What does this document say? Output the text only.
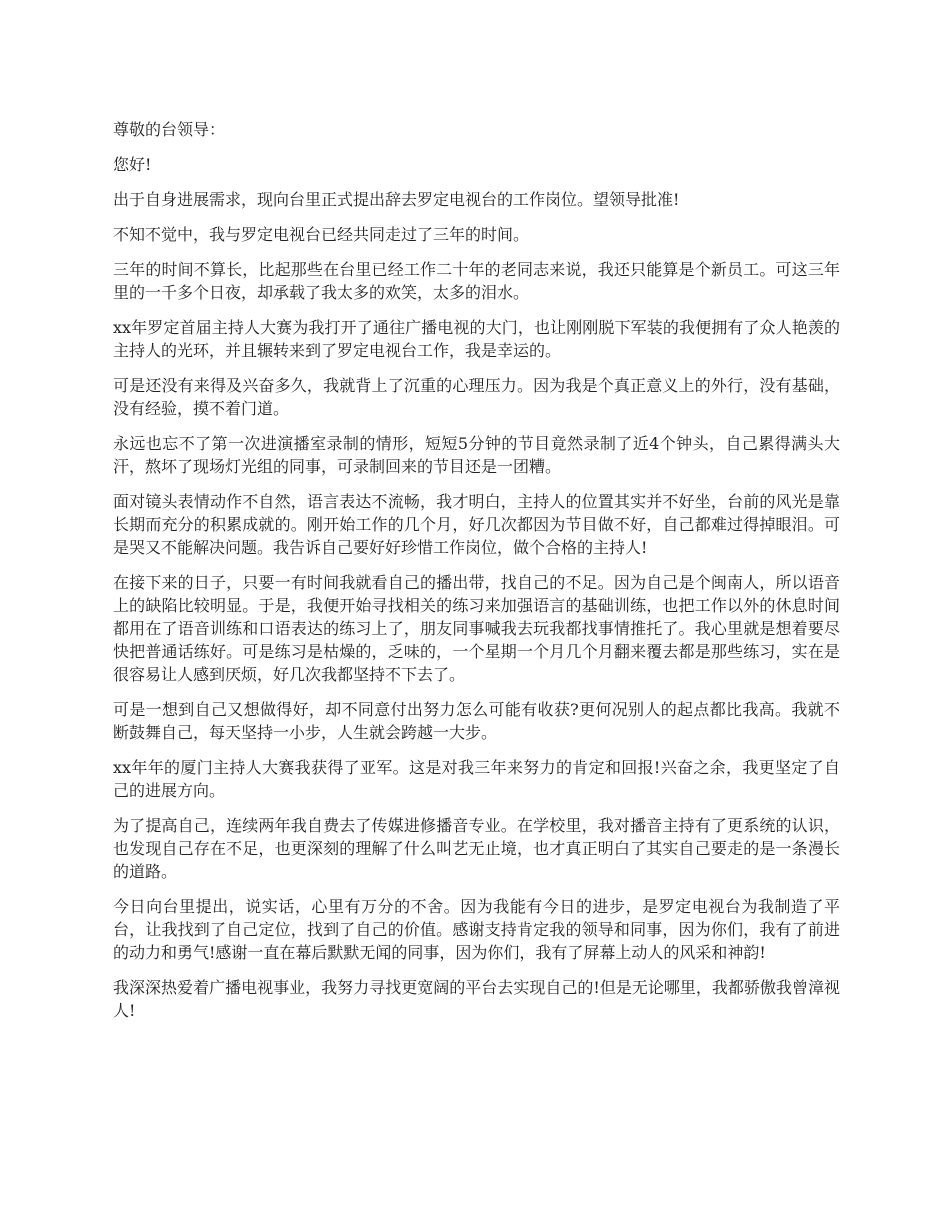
尊敬的台领导：

您好!

出于自身进展需求，现向台里正式提出辞去罗定电视台的工作岗位。望领导批准!

不知不觉中，我与罗定电视台已经共同走过了三年的时间。

三年的时间不算长，比起那些在台里已经工作二十年的老同志来说，我还只能算是个新员工。可这三年里的一千多个日夜，却承载了我太多的欢笑，太多的泪水。

xx年罗定首届主持人大赛为我打开了通往广播电视的大门，也让刚刚脱下军装的我便拥有了众人艳羡的主持人的光环，并且辗转来到了罗定电视台工作，我是幸运的。

可是还没有来得及兴奋多久，我就背上了沉重的心理压力。因为我是个真正意义上的外行，没有基础，没有经验，摸不着门道。

永远也忘不了第一次进演播室录制的情形，短短5分钟的节目竟然录制了近4个钟头，自己累得满头大汗，熬坏了现场灯光组的同事，可录制回来的节目还是一团糟。

面对镜头表情动作不自然，语言表达不流畅，我才明白，主持人的位置其实并不好坐，台前的风光是靠长期而充分的积累成就的。刚开始工作的几个月，好几次都因为节目做不好，自己都难过得掉眼泪。可是哭又不能解决问题。我告诉自己要好好珍惜工作岗位，做个合格的主持人!

在接下来的日子，只要一有时间我就看自己的播出带，找自己的不足。因为自己是个闽南人，所以语音上的缺陷比较明显。于是，我便开始寻找相关的练习来加强语言的基础训练，也把工作以外的休息时间都用在了语音训练和口语表达的练习上了，朋友同事喊我去玩我都找事情推托了。我心里就是想着要尽快把普通话练好。可是练习是枯燥的，乏味的，一个星期一个月几个月翻来覆去都是那些练习，实在是很容易让人感到厌烦，好几次我都坚持不下去了。

可是一想到自己又想做得好，却不同意付出努力怎么可能有收获?更何况别人的起点都比我高。我就不断鼓舞自己，每天坚持一小步，人生就会跨越一大步。

xx年年的厦门主持人大赛我获得了亚军。这是对我三年来努力的肯定和回报!兴奋之余，我更坚定了自己的进展方向。

为了提高自己，连续两年我自费去了传媒进修播音专业。在学校里，我对播音主持有了更系统的认识，也发现自己存在不足，也更深刻的理解了什么叫艺无止境，也才真正明白了其实自己要走的是一条漫长的道路。

今日向台里提出，说实话，心里有万分的不舍。因为我能有今日的进步，是罗定电视台为我制造了平台，让我找到了自己定位，找到了自己的价值。感谢支持肯定我的领导和同事，因为你们，我有了前进的动力和勇气!感谢一直在幕后默默无闻的同事，因为你们，我有了屏幕上动人的风采和神韵!

我深深热爱着广播电视事业，我努力寻找更宽阔的平台去实现自己的!但是无论哪里，我都骄傲我曾漳视人!
